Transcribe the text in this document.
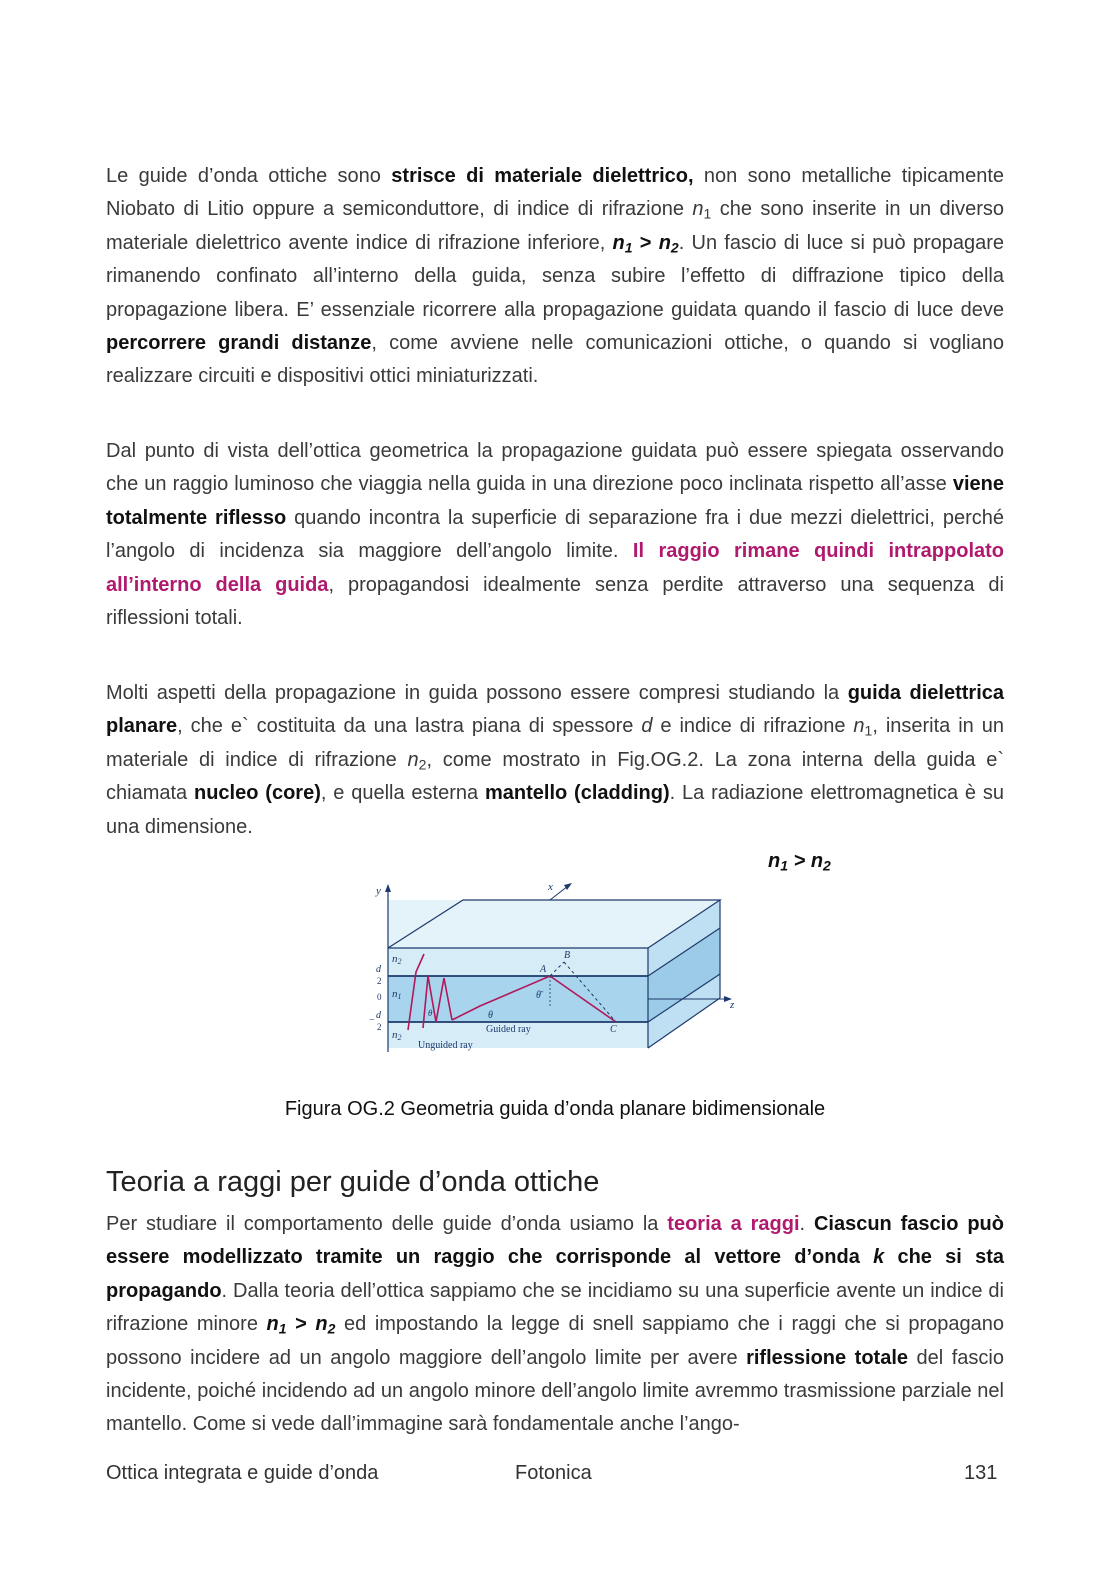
Le guide d’onda ottiche sono strisce di materiale dielettrico, non sono metalliche tipicamente Niobato di Litio oppure a semiconduttore, di indice di rifrazione $n_1$ che sono inserite in un diverso materiale dielettrico avente indice di rifrazione inferiore, $n_1 > n_2$. Un fascio di luce si può propagare rimanendo confinato all’interno della guida, senza subire l’effetto di diffrazione tipico della propagazione libera. E’ essenziale ricorrere alla propagazione guidata quando il fascio di luce deve percorrere grandi distanze, come avviene nelle comunicazioni ottiche, o quando si vogliano realizzare circuiti e dispositivi ottici miniaturizzati.

Dal punto di vista dell’ottica geometrica la propagazione guidata può essere spiegata osservando che un raggio luminoso che viaggia nella guida in una direzione poco inclinata rispetto all’asse viene totalmente riflesso quando incontra la superficie di separazione fra i due mezzi dielettrici, perché l’angolo di incidenza sia maggiore dell’angolo limite. Il raggio rimane quindi intrappolato all’interno della guida, propagandosi idealmente senza perdite attraverso una sequenza di riflessioni totali.

Molti aspetti della propagazione in guida possono essere compresi studiando la guida dielettrica planare, che e` costituita da una lastra piana di spessore d e indice di rifrazione $n_1$, inserita in un materiale di indice di rifrazione $n_2$, come mostrato in Fig.OG.2. La zona interna della guida e` chiamata nucleo (core), e quella esterna mantello (cladding). La radiazione elettromagnetica è su una dimensione.

$n_1 > n_2$
y	x
z
n2
n1
n2
d
2
0
− d
2
A
B
C
θ̄
θ
θ
Guided ray
Unguided ray
Figura OG.2 Geometria guida d’onda planare bidimensionale
Teoria a raggi per guide d’onda ottiche

Per studiare il comportamento delle guide d’onda usiamo la teoria a raggi. Ciascun fascio può essere modellizzato tramite un raggio che corrisponde al vettore d’onda k che si sta propagando. Dalla teoria dell’ottica sappiamo che se incidiamo su una superficie avente un indice di rifrazione minore $n_1 > n_2$ ed impostando la legge di snell sappiamo che i raggi che si propagano possono incidere ad un angolo maggiore dell’angolo limite per avere riflessione totale del fascio incidente, poiché incidendo ad un angolo minore dell’angolo limite avremmo trasmissione parziale nel mantello. Come si vede dall’immagine sarà fondamentale anche l’ango-

Ottica integrata e guide d’onda	Fotonica	131
